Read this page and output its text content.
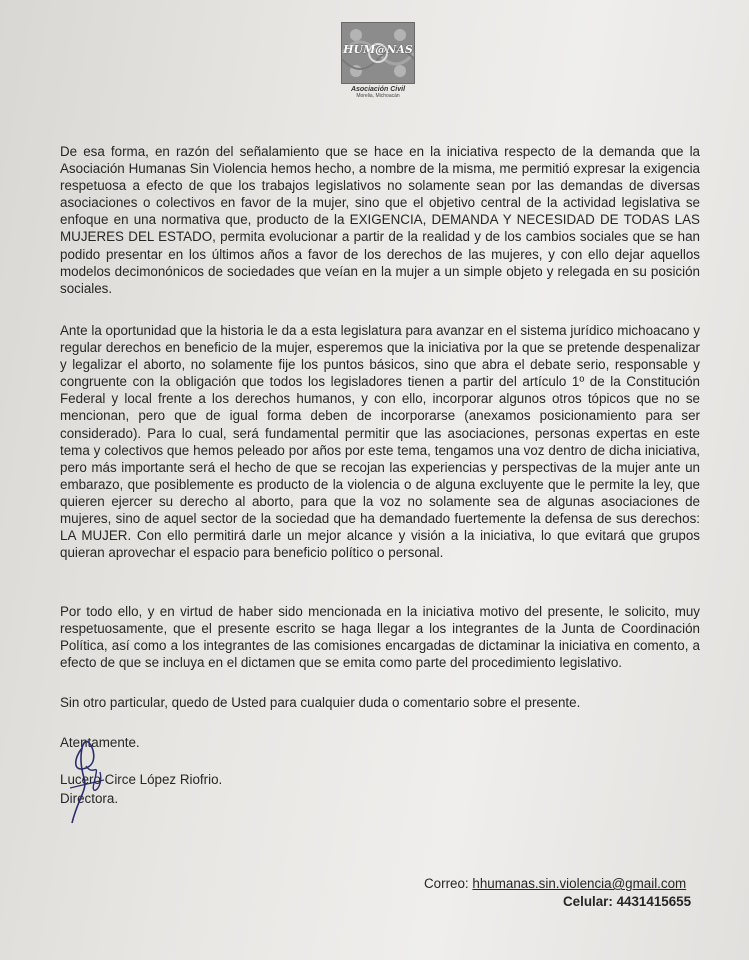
HUM@NAS
Asociación Civil
Morelia, Michoacán

De esa forma, en razón del señalamiento que se hace en la iniciativa respecto de la demanda que la Asociación Humanas Sin Violencia hemos hecho, a nombre de la misma, me permitió expresar la exigencia respetuosa a efecto de que los trabajos legislativos no solamente sean por las demandas de diversas asociaciones o colectivos en favor de la mujer, sino que el objetivo central de la actividad legislativa se enfoque en una normativa que, producto de la EXIGENCIA, DEMANDA Y NECESIDAD DE TODAS LAS MUJERES DEL ESTADO, permita evolucionar a partir de la realidad y de los cambios sociales que se han podido presentar en los últimos años a favor de los derechos de las mujeres, y con ello dejar aquellos modelos decimonónicos de sociedades que veían en la mujer a un simple objeto y relegada en su posición sociales.

Ante la oportunidad que la historia le da a esta legislatura para avanzar en el sistema jurídico michoacano y regular derechos en beneficio de la mujer, esperemos que la iniciativa por la que se pretende despenalizar y legalizar el aborto, no solamente fije los puntos básicos, sino que abra el debate serio, responsable y congruente con la obligación que todos los legisladores tienen a partir del artículo 1º de la Constitución Federal y local frente a los derechos humanos, y con ello, incorporar algunos otros tópicos que no se mencionan, pero que de igual forma deben de incorporarse (anexamos posicionamiento para ser considerado). Para lo cual, será fundamental permitir que las asociaciones, personas expertas en este tema y colectivos que hemos peleado por años por este tema, tengamos una voz dentro de dicha iniciativa, pero más importante será el hecho de que se recojan las experiencias y perspectivas de la mujer ante un embarazo, que posiblemente es producto de la violencia o de alguna excluyente que le permite la ley, que quieren ejercer su derecho al aborto, para que la voz no solamente sea de algunas asociaciones de mujeres, sino de aquel sector de la sociedad que ha demandado fuertemente la defensa de sus derechos: LA MUJER. Con ello permitirá darle un mejor alcance y visión a la iniciativa, lo que evitará que grupos quieran aprovechar el espacio para beneficio político o personal.

Por todo ello, y en virtud de haber sido mencionada en la iniciativa motivo del presente, le solicito, muy respetuosamente, que el presente escrito se haga llegar a los integrantes de la Junta de Coordinación Política, así como a los integrantes de las comisiones encargadas de dictaminar la iniciativa en comento, a efecto de que se incluya en el dictamen que se emita como parte del procedimiento legislativo.

Sin otro particular, quedo de Usted para cualquier duda o comentario sobre el presente.

Atentamente.
Lucero Circe López Riofrio.
Directora.
Correo: hhumanas.sin.violencia@gmail.com
Celular: 4431415655
